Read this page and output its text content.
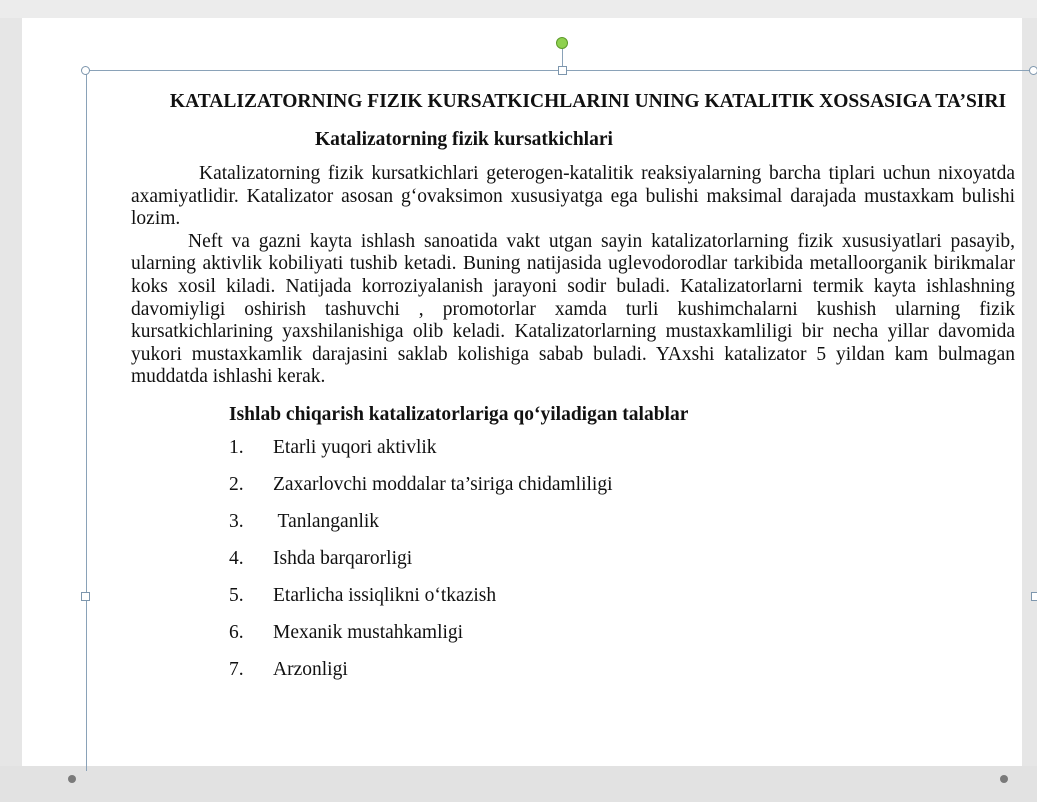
KATALIZATORNING FIZIK KURSATKICHLARINI UNING KATALITIK XOSSASIGA TA’SIRI

Katalizatorning fizik kursatkichlari

Katalizatorning fizik kursatkichlari geterogen-katalitik reaksiyalarning barcha tiplari uchun nixoyatda axamiyatlidir. Katalizator asosan g‘ovaksimon xususiyatga ega bulishi maksimal darajada mustaxkam bulishi lozim.

Neft va gazni kayta ishlash sanoatida vakt utgan sayin katalizatorlarning fizik xususiyatlari pasayib, ularning aktivlik kobiliyati tushib ketadi. Buning natijasida uglevodorodlar tarkibida metalloorganik birikmalar koks xosil kiladi. Natijada korroziyalanish jarayoni sodir buladi. Katalizatorlarni termik kayta ishlashning davomiyligi oshirish tashuvchi , promotorlar xamda turli kushimchalarni kushish ularning fizik kursatkichlarining yaxshilanishiga olib keladi. Katalizatorlarning mustaxkamliligi bir necha yillar davomida yukori mustaxkamlik darajasini saklab kolishiga sabab buladi. YAxshi katalizator 5 yildan kam bulmagan muddatda ishlashi kerak.

Ishlab chiqarish katalizatorlariga qo‘yiladigan talablar

1. Etarli yuqori aktivlik
2. Zaxarlovchi moddalar ta’siriga chidamliligi
3. Tanlanganlik
4. Ishda barqarorligi
5. Etarlicha issiqlikni o‘tkazish
6. Mexanik mustahkamligi
7. Arzonligi
